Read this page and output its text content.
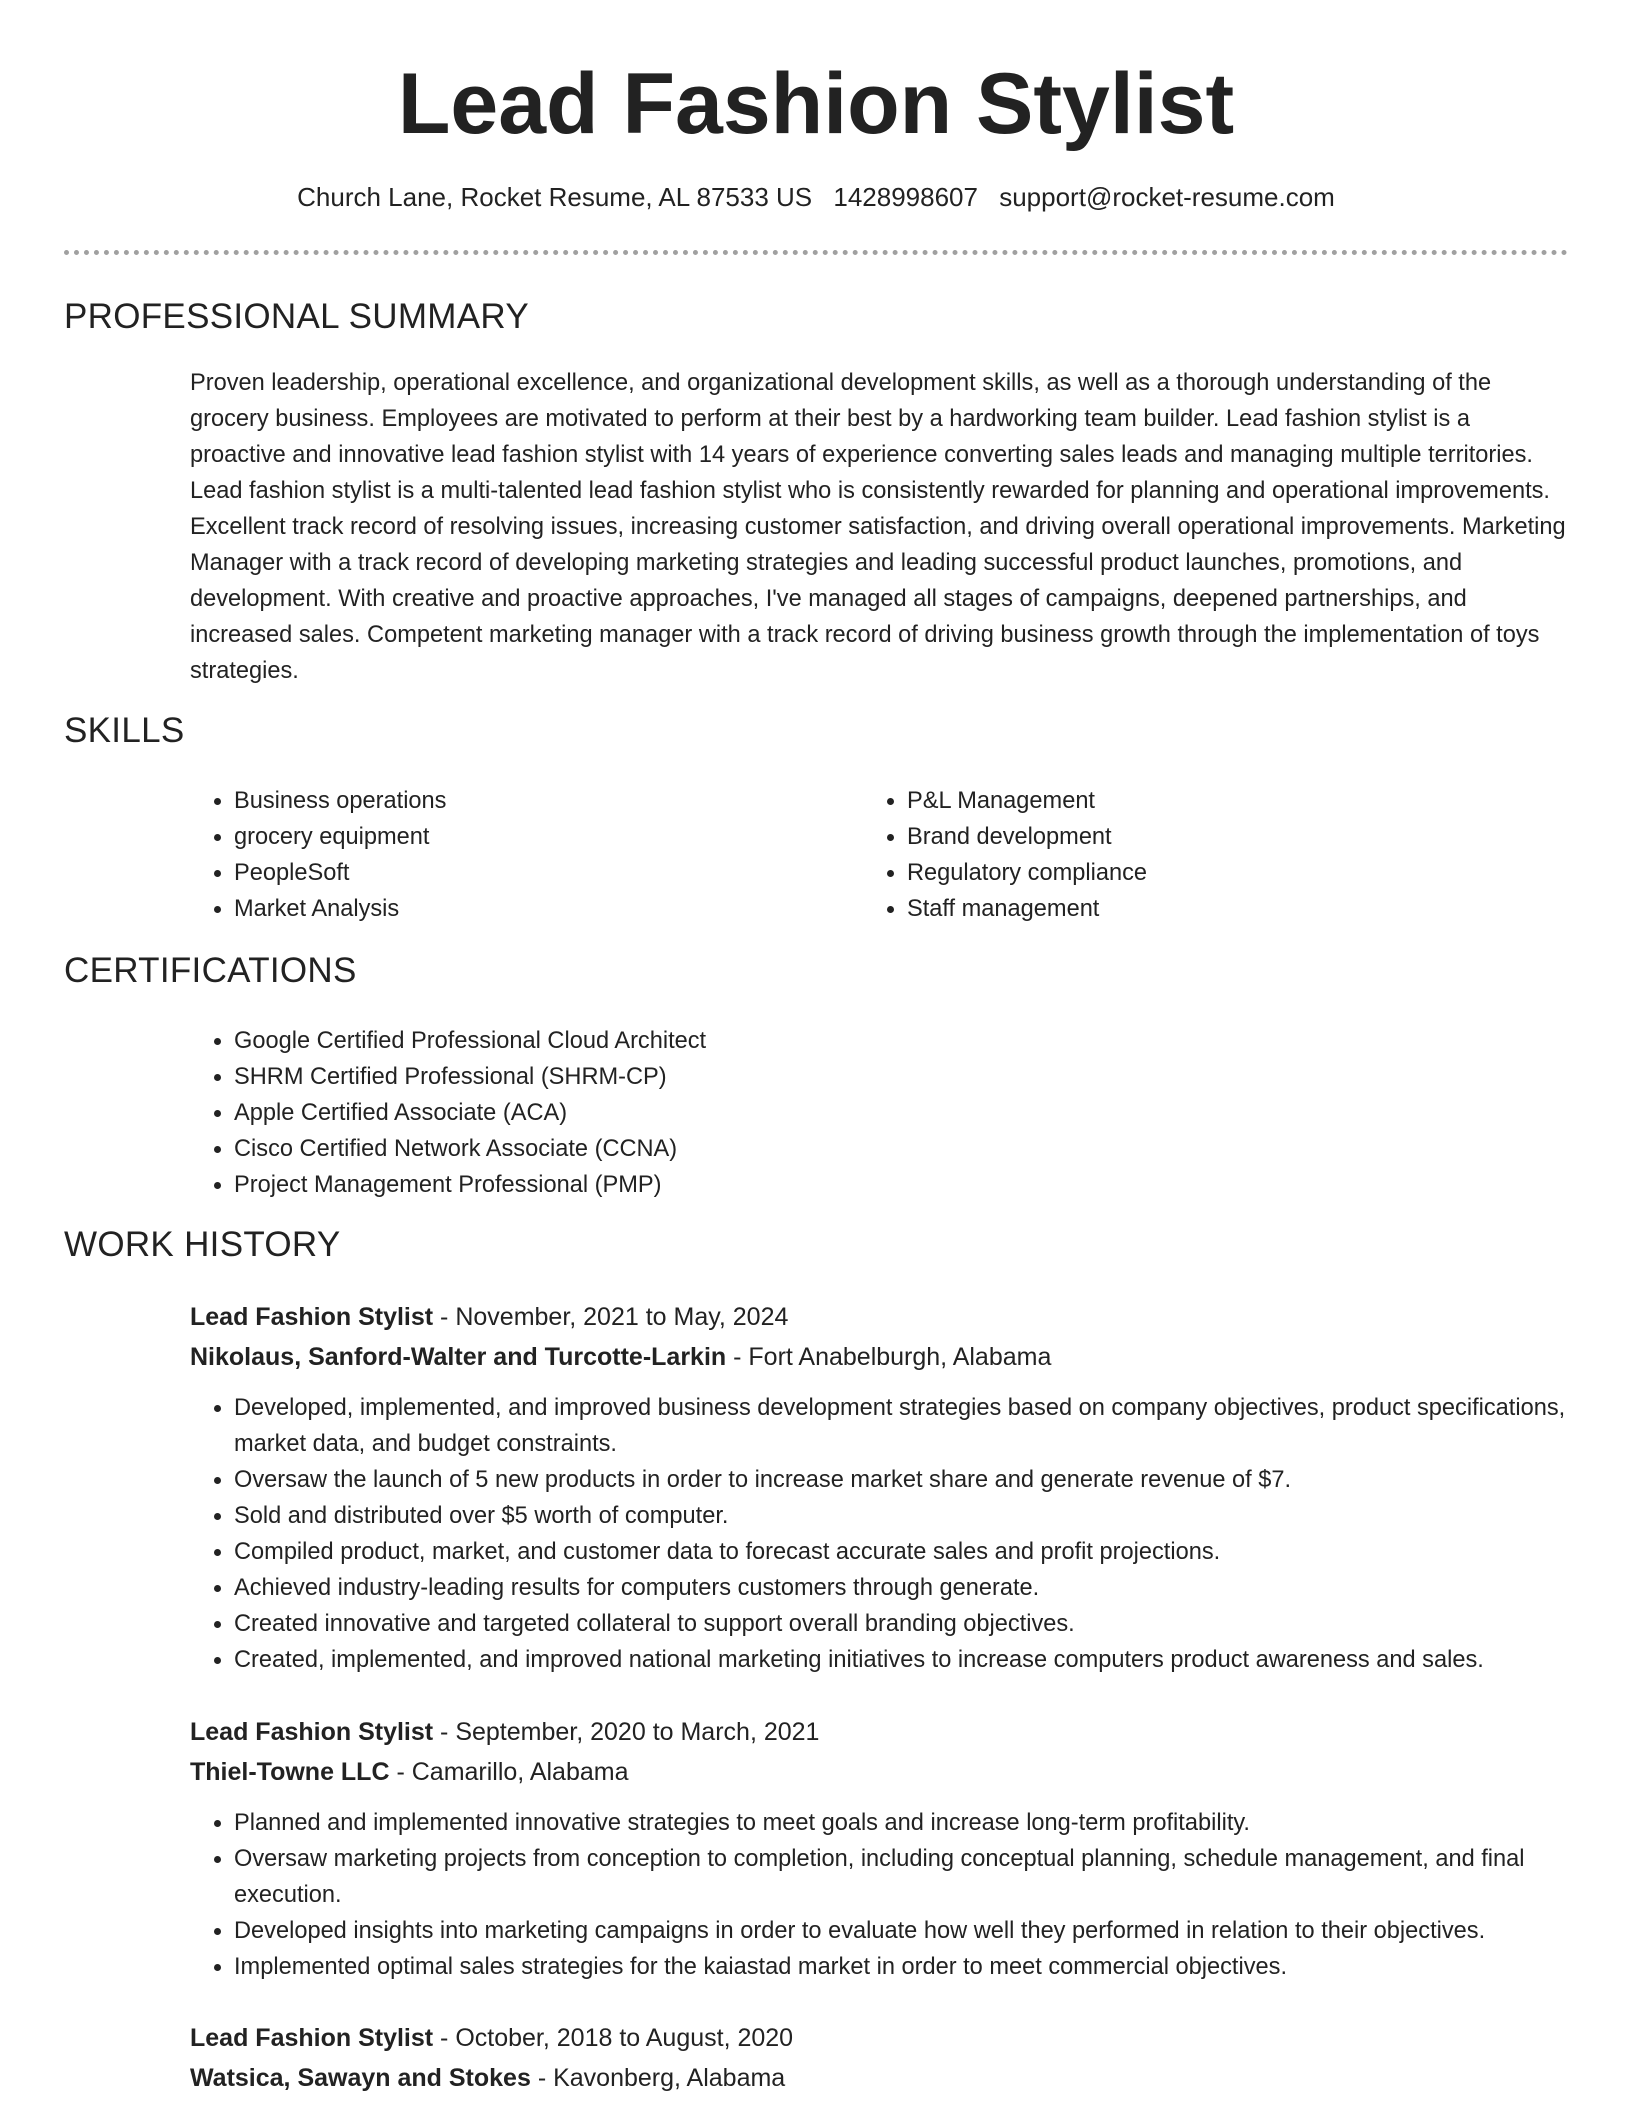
Lead Fashion Stylist
Church Lane, Rocket Resume, AL 87533 US 1428998607 support@rocket-resume.com
PROFESSIONAL SUMMARY
Proven leadership, operational excellence, and organizational development skills, as well as a thorough understanding of the grocery business. Employees are motivated to perform at their best by a hardworking team builder. Lead fashion stylist is a proactive and innovative lead fashion stylist with 14 years of experience converting sales leads and managing multiple territories. Lead fashion stylist is a multi-talented lead fashion stylist who is consistently rewarded for planning and operational improvements. Excellent track record of resolving issues, increasing customer satisfaction, and driving overall operational improvements. Marketing Manager with a track record of developing marketing strategies and leading successful product launches, promotions, and development. With creative and proactive approaches, I've managed all stages of campaigns, deepened partnerships, and increased sales. Competent marketing manager with a track record of driving business growth through the implementation of toys strategies.
SKILLS
• Business operations
• grocery equipment
• PeopleSoft
• Market Analysis
• P&L Management
• Brand development
• Regulatory compliance
• Staff management
CERTIFICATIONS
• Google Certified Professional Cloud Architect
• SHRM Certified Professional (SHRM-CP)
• Apple Certified Associate (ACA)
• Cisco Certified Network Associate (CCNA)
• Project Management Professional (PMP)
WORK HISTORY
Lead Fashion Stylist - November, 2021 to May, 2024
Nikolaus, Sanford-Walter and Turcotte-Larkin - Fort Anabelburgh, Alabama
• Developed, implemented, and improved business development strategies based on company objectives, product specifications, market data, and budget constraints.
• Oversaw the launch of 5 new products in order to increase market share and generate revenue of $7.
• Sold and distributed over $5 worth of computer.
• Compiled product, market, and customer data to forecast accurate sales and profit projections.
• Achieved industry-leading results for computers customers through generate.
• Created innovative and targeted collateral to support overall branding objectives.
• Created, implemented, and improved national marketing initiatives to increase computers product awareness and sales.
Lead Fashion Stylist - September, 2020 to March, 2021
Thiel-Towne LLC - Camarillo, Alabama
• Planned and implemented innovative strategies to meet goals and increase long-term profitability.
• Oversaw marketing projects from conception to completion, including conceptual planning, schedule management, and final execution.
• Developed insights into marketing campaigns in order to evaluate how well they performed in relation to their objectives.
• Implemented optimal sales strategies for the kaiastad market in order to meet commercial objectives.
Lead Fashion Stylist - October, 2018 to August, 2020
Watsica, Sawayn and Stokes - Kavonberg, Alabama
